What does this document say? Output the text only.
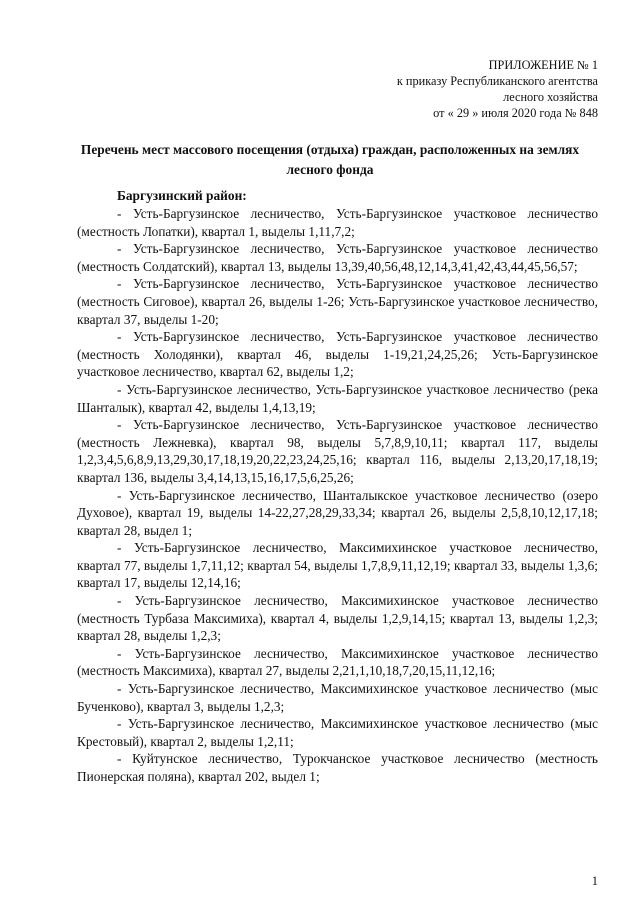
ПРИЛОЖЕНИЕ № 1
к приказу Республиканского агентства
лесного хозяйства
от « 29 » июля 2020 года № 848
Перечень мест массового посещения (отдыха) граждан, расположенных на землях лесного фонда
Баргузинский район:

- Усть-Баргузинское лесничество, Усть-Баргузинское участковое лесничество (местность Лопатки), квартал 1, выделы 1,11,7,2;

- Усть-Баргузинское лесничество, Усть-Баргузинское участковое лесничество (местность Солдатский), квартал 13, выделы 13,39,40,56,48,12,14,3,41,42,43,44,45,56,57;

- Усть-Баргузинское лесничество, Усть-Баргузинское участковое лесничество (местность Сиговое), квартал 26, выделы 1-26; Усть-Баргузинское участковое лесничество, квартал 37, выделы 1-20;

- Усть-Баргузинское лесничество, Усть-Баргузинское участковое лесничество (местность Холодянки), квартал 46, выделы 1-19,21,24,25,26; Усть-Баргузинское участковое лесничество, квартал 62, выделы 1,2;

- Усть-Баргузинское лесничество, Усть-Баргузинское участковое лесничество (река Шанталык), квартал 42, выделы 1,4,13,19;

- Усть-Баргузинское лесничество, Усть-Баргузинское участковое лесничество (местность Лежневка), квартал 98, выделы 5,7,8,9,10,11; квартал 117, выделы 1,2,3,4,5,6,8,9,13,29,30,17,18,19,20,22,23,24,25,16; квартал 116, выделы 2,13,20,17,18,19; квартал 136, выделы 3,4,14,13,15,16,17,5,6,25,26;

- Усть-Баргузинское лесничество, Шанталыкское участковое лесничество (озеро Духовое), квартал 19, выделы 14-22,27,28,29,33,34; квартал 26, выделы 2,5,8,10,12,17,18; квартал 28, выдел 1;

- Усть-Баргузинское лесничество, Максимихинское участковое лесничество, квартал 77, выделы 1,7,11,12; квартал 54, выделы 1,7,8,9,11,12,19; квартал 33, выделы 1,3,6; квартал 17, выделы 12,14,16;

- Усть-Баргузинское лесничество, Максимихинское участковое лесничество (местность Турбаза Максимиха), квартал 4, выделы 1,2,9,14,15; квартал 13, выделы 1,2,3; квартал 28, выделы 1,2,3;

- Усть-Баргузинское лесничество, Максимихинское участковое лесничество (местность Максимиха), квартал 27, выделы 2,21,1,10,18,7,20,15,11,12,16;

- Усть-Баргузинское лесничество, Максимихинское участковое лесничество (мыс Бученково), квартал 3, выделы 1,2,3;

- Усть-Баргузинское лесничество, Максимихинское участковое лесничество (мыс Крестовый), квартал 2, выделы 1,2,11;

- Куйтунское лесничество, Турокчанское участковое лесничество (местность Пионерская поляна), квартал 202, выдел 1;

1
